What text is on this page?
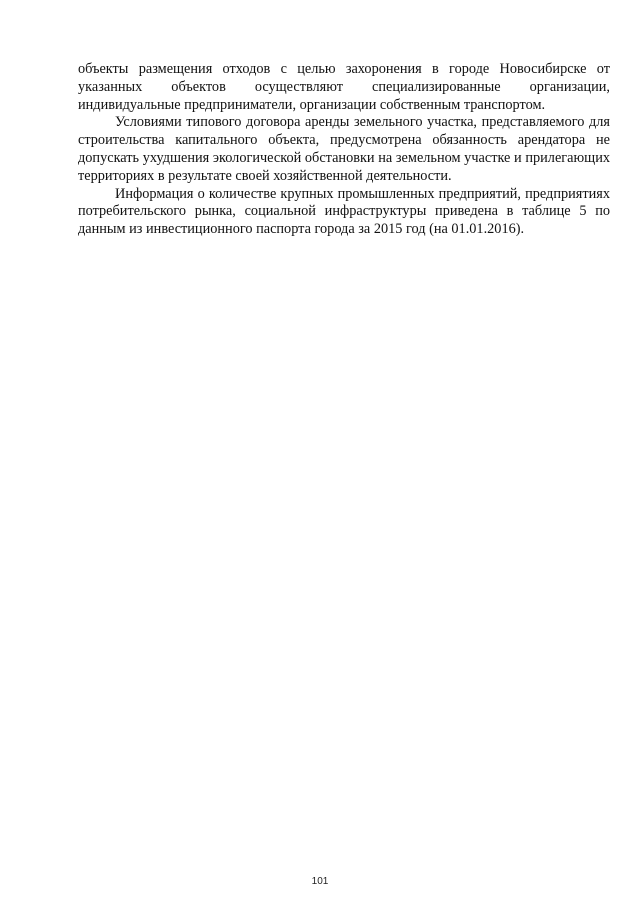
объекты размещения отходов с целью захоронения в городе Новосибирске от указанных объектов осуществляют специализированные организации, индивидуальные предприниматели, организации собственным транспортом.

Условиями типового договора аренды земельного участка, представляемого для строительства капитального объекта, предусмотрена обязанность арендатора не допускать ухудшения экологической обстановки на земельном участке и прилегающих территориях в результате своей хозяйственной деятельности.

Информация о количестве крупных промышленных предприятий, предприятиях потребительского рынка, социальной инфраструктуры приведена в таблице 5 по данным из инвестиционного паспорта города за 2015 год (на 01.01.2016).

101
